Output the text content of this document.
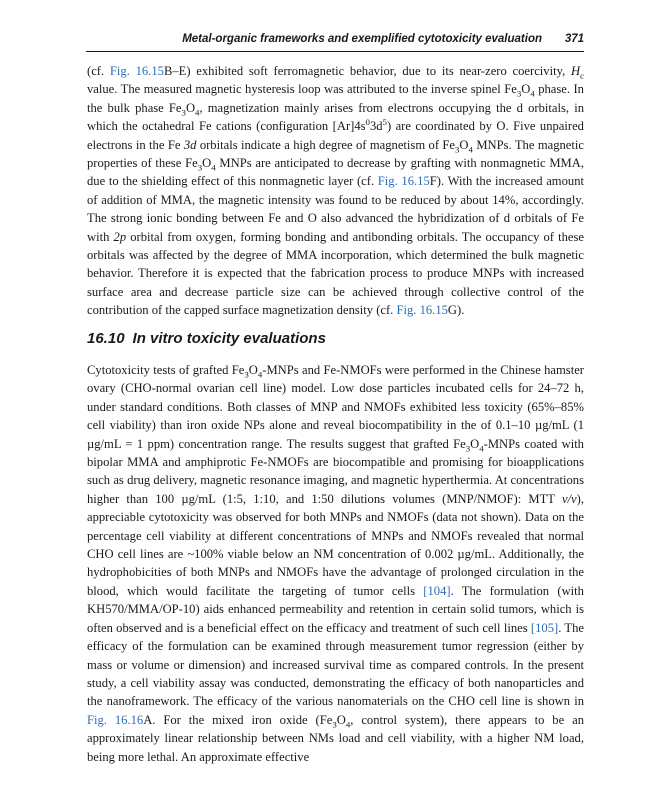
Metal-organic frameworks and exemplified cytotoxicity evaluation 371

(cf. Fig. 16.15B–E) exhibited soft ferromagnetic behavior, due to its near-zero coercivity, $H_c$ value. The measured magnetic hysteresis loop was attributed to the inverse spinel $Fe_3O_4$ phase. In the bulk phase $Fe_3O_4$, magnetization mainly arises from electrons occupying the d orbitals, in which the octahedral Fe cations (configuration $[Ar]4s^03d^5$) are coordinated by O. Five unpaired electrons in the Fe 3d orbitals indicate a high degree of magnetism of $Fe_3O_4$ MNPs. The magnetic properties of these $Fe_3O_4$ MNPs are anticipated to decrease by grafting with nonmagnetic MMA, due to the shielding effect of this nonmagnetic layer (cf. Fig. 16.15F). With the increased amount of addition of MMA, the magnetic intensity was found to be reduced by about 14%, accordingly. The strong ionic bonding between Fe and O also advanced the hybridization of d orbitals of Fe with 2p orbital from oxygen, forming bonding and antibonding orbitals. The occupancy of these orbitals was affected by the degree of MMA incorporation, which determined the bulk magnetic behavior. Therefore it is expected that the fabrication process to produce MNPs with increased surface area and decrease particle size can be achieved through collective control of the contribution of the capped surface magnetization density (cf. Fig. 16.15G).

16.10 In vitro toxicity evaluations

Cytotoxicity tests of grafted $Fe_3O_4$-MNPs and Fe-NMOFs were performed in the Chinese hamster ovary (CHO-normal ovarian cell line) model. Low dose particles incubated cells for 24–72 h, under standard conditions. Both classes of MNP and NMOFs exhibited less toxicity (65%–85% cell viability) than iron oxide NPs alone and reveal biocompatibility in the of 0.1–10 µg/mL (1 µg/mL = 1 ppm) concentration range. The results suggest that grafted $Fe_3O_4$-MNPs coated with bipolar MMA and amphiprotic Fe-NMOFs are biocompatible and promising for bioapplications such as drug delivery, magnetic resonance imaging, and magnetic hyperthermia. At concentrations higher than 100 µg/mL (1:5, 1:10, and 1:50 dilutions volumes (MNP/NMOF): MTT v/v), appreciable cytotoxicity was observed for both MNPs and NMOFs (data not shown). Data on the percentage cell viability at different concentrations of MNPs and NMOFs revealed that normal CHO cell lines are ~100% viable below an NM concentration of 0.002 µg/mL. Additionally, the hydrophobicities of both MNPs and NMOFs have the advantage of prolonged circulation in the blood, which would facilitate the targeting of tumor cells [104]. The formulation (with KH570/MMA/OP-10) aids enhanced permeability and retention in certain solid tumors, which is often observed and is a beneficial effect on the efficacy and treatment of such cell lines [105]. The efficacy of the formulation can be examined through measurement tumor regression (either by mass or volume or dimension) and increased survival time as compared controls. In the present study, a cell viability assay was conducted, demonstrating the efficacy of both nanoparticles and the nanoframework. The efficacy of the various nanomaterials on the CHO cell line is shown in Fig. 16.16A. For the mixed iron oxide ($Fe_3O_4$, control system), there appears to be an approximately linear relationship between NMs load and cell viability, with a higher NM load, being more lethal. An approximate effective
